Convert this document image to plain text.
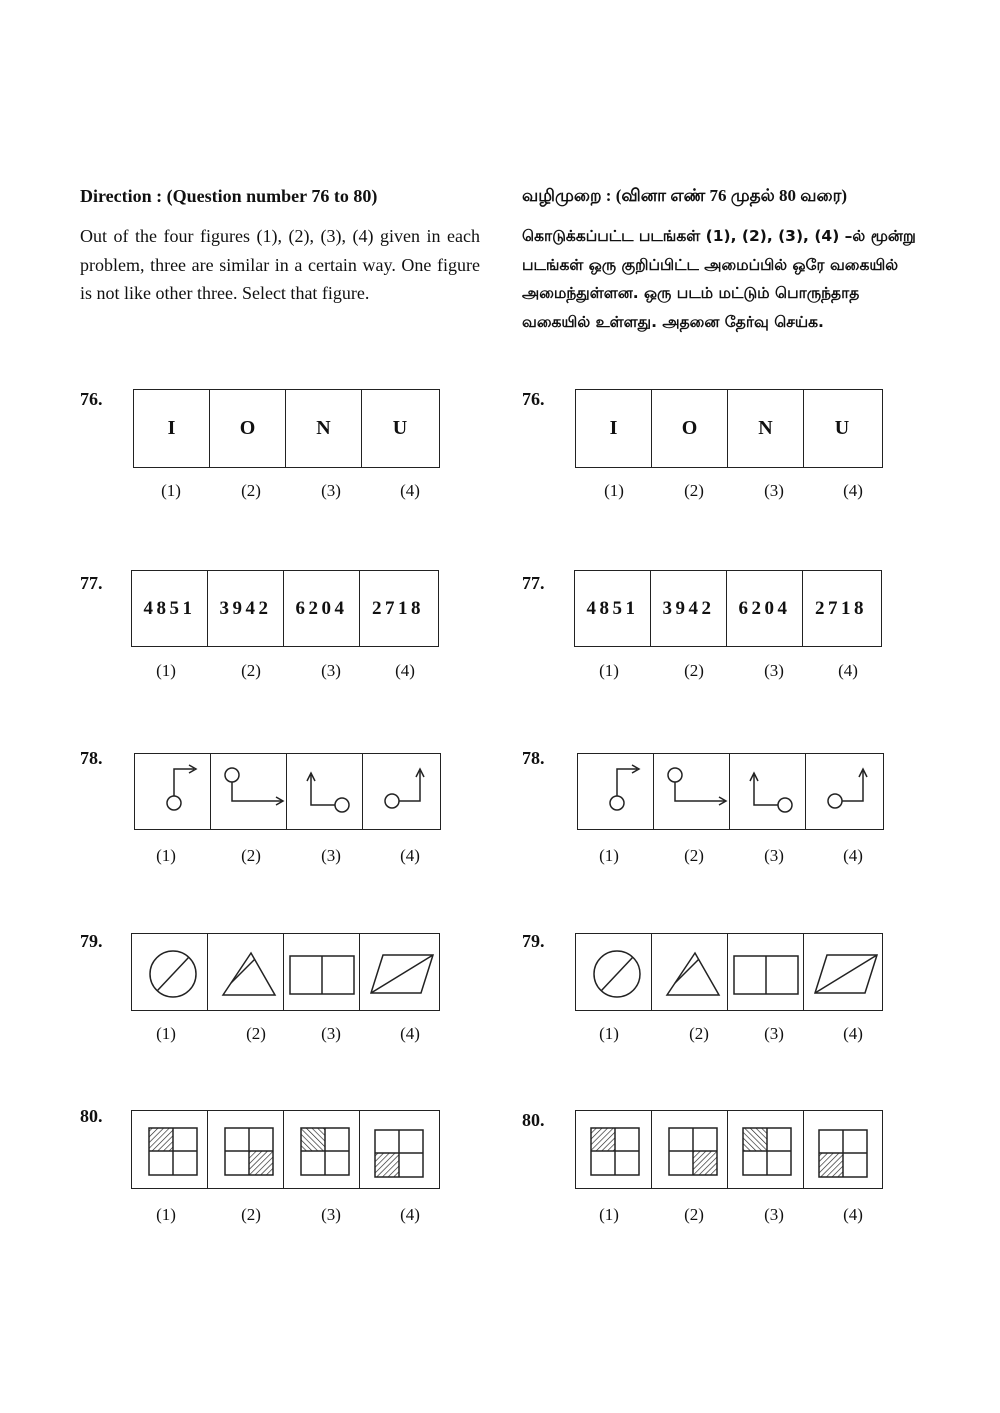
Direction : (Question number 76 to 80)

Out of the four figures (1), (2), (3), (4) given in each problem, three are similar in a certain way. One figure is not like other three. Select that figure.

வழிமுறை : (வினா எண் 76 முதல் 80 வரை)

கொடுக்கப்பட்ட படங்கள் (1), (2), (3), (4) –ல் மூன்று படங்கள் ஒரு குறிப்பிட்ட அமைப்பில் ஒரே வகையில் அமைந்துள்ளன. ஒரு படம் மட்டும் பொருந்தாத வகையில் உள்ளது. அதனை தேர்வு செய்க.

76.
I	O	N	U
(1)	(2)	(3)	(4)
77.
4851 3942 6204 2718
(1)	(2)	(3)	(4)
78.
(1)	(2)	(3)	(4)
79.
(1)	(2)	(3)	(4)
80.
(1)	(2)	(3)	(4)
76.
I	O	N	U
(1)	(2)	(3)	(4)
77.
4851 3942 6204 2718
(1)	(2)	(3)	(4)
78.
(1)	(2)	(3)	(4)
79.
(1)	(2)	(3)	(4)
80.
(1)	(2)	(3)	(4)
